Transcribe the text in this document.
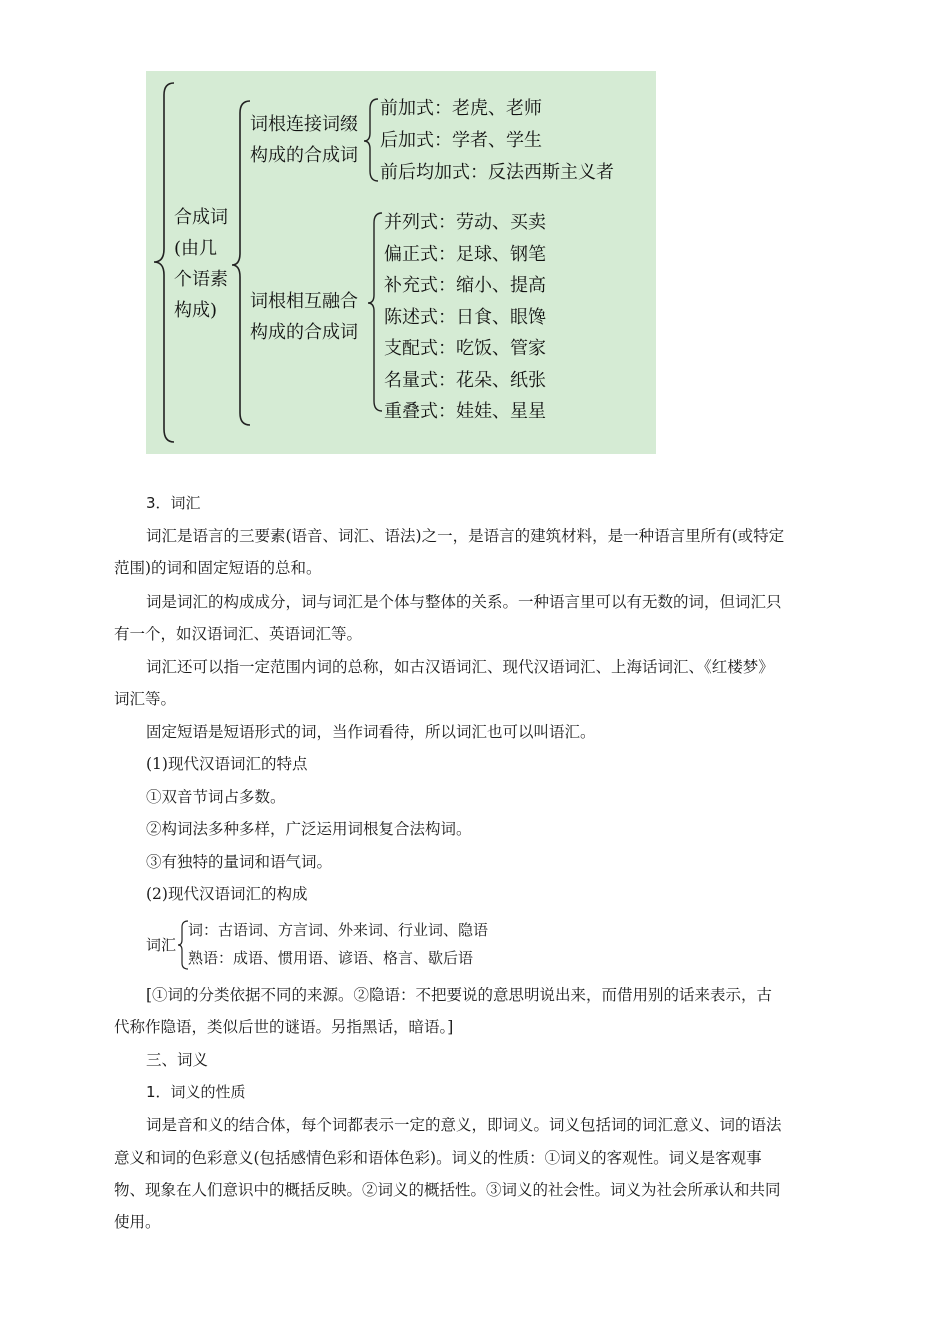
合成词
(由几
个语素
构成)
词根连接词缀
构成的合成词
词根相互融合
构成的合成词
前加式：老虎、老师
后加式：学者、学生
前后均加式：反法西斯主义者
并列式：劳动、买卖
偏正式：足球、钢笔
补充式：缩小、提高
陈述式：日食、眼馋
支配式：吃饭、管家
名量式：花朵、纸张
重叠式：娃娃、星星
3．词汇
词汇是语言的三要素(语音、词汇、语法)之一，是语言的建筑材料，是一种语言里所有(或特定
范围)的词和固定短语的总和。
词是词汇的构成成分，词与词汇是个体与整体的关系。一种语言里可以有无数的词，但词汇只
有一个，如汉语词汇、英语词汇等。
词汇还可以指一定范围内词的总称，如古汉语词汇、现代汉语词汇、上海话词汇、《红楼梦》
词汇等。
固定短语是短语形式的词，当作词看待，所以词汇也可以叫语汇。
(1)现代汉语词汇的特点
①双音节词占多数。
②构词法多种多样，广泛运用词根复合法构词。
③有独特的量词和语气词。
(2)现代汉语词汇的构成
词汇
词：古语词、方言词、外来词、行业词、隐语
熟语：成语、惯用语、谚语、格言、歇后语
[①词的分类依据不同的来源。②隐语：不把要说的意思明说出来，而借用别的话来表示，古
代称作隐语，类似后世的谜语。另指黑话，暗语。]
三、词义
1．词义的性质
词是音和义的结合体，每个词都表示一定的意义，即词义。词义包括词的词汇意义、词的语法
意义和词的色彩意义(包括感情色彩和语体色彩)。词义的性质：①词义的客观性。词义是客观事
物、现象在人们意识中的概括反映。②词义的概括性。③词义的社会性。词义为社会所承认和共同
使用。
